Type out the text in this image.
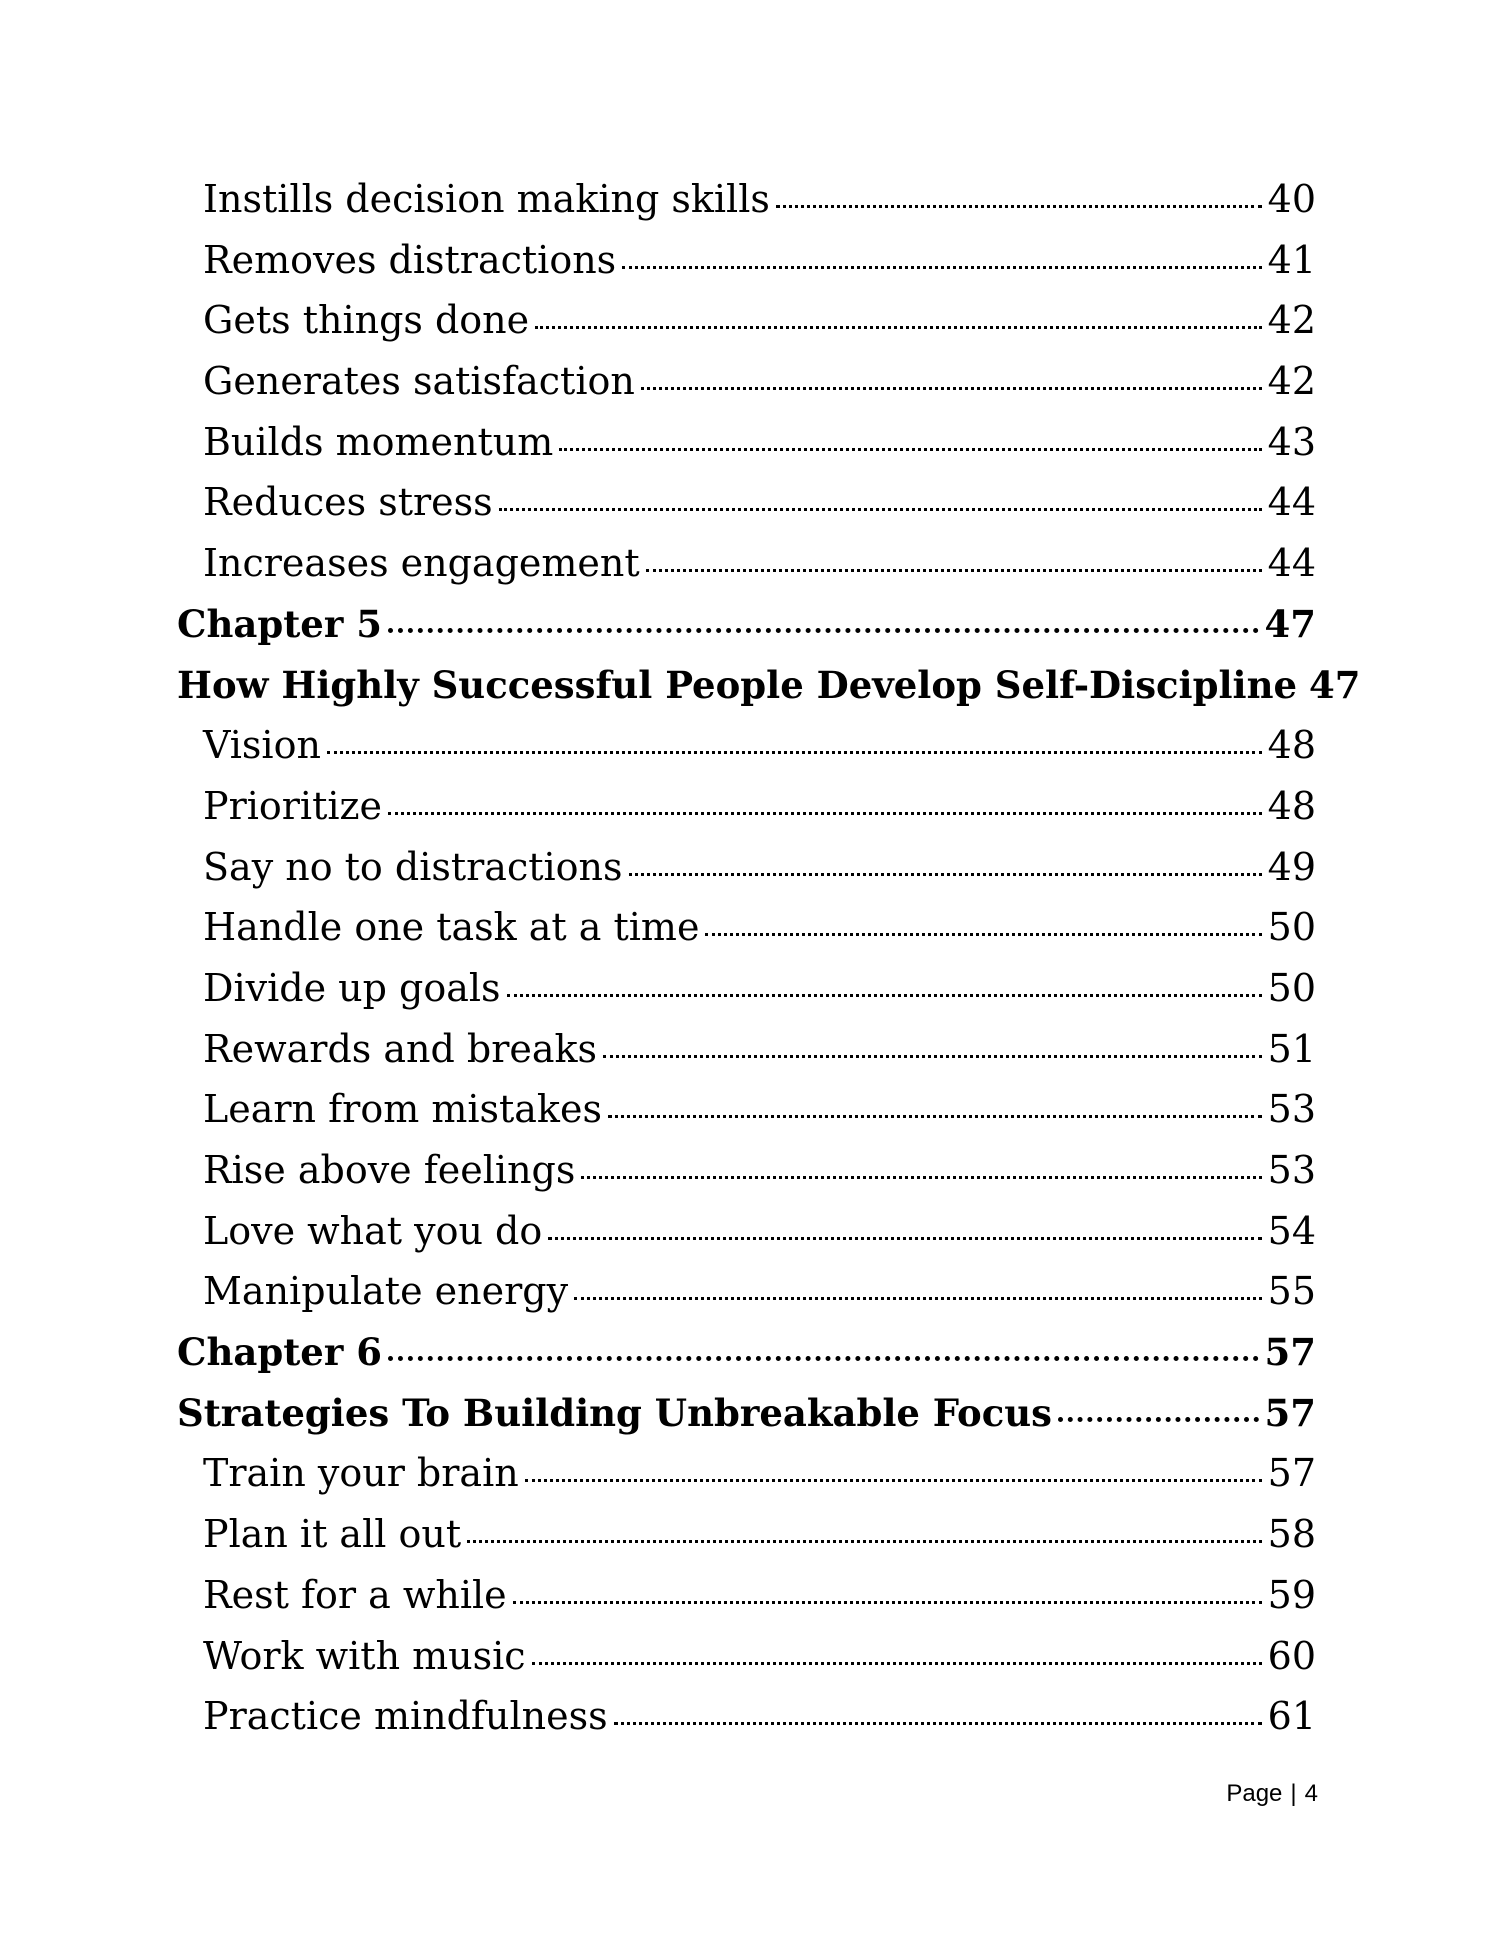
Instills decision making skills	40
Removes distractions	41
Gets things done	42
Generates satisfaction	42
Builds momentum	43
Reduces stress	44
Increases engagement	44
Chapter 5	47
How Highly Successful People Develop Self-Discipline 47
Vision	48
Prioritize	48
Say no to distractions	49
Handle one task at a time	50
Divide up goals	50
Rewards and breaks	51
Learn from mistakes	53
Rise above feelings	53
Love what you do	54
Manipulate energy	55
Chapter 6	57
Strategies To Building Unbreakable Focus	57
Train your brain	57
Plan it all out	58
Rest for a while	59
Work with music	60
Practice mindfulness	61
Page | 4
